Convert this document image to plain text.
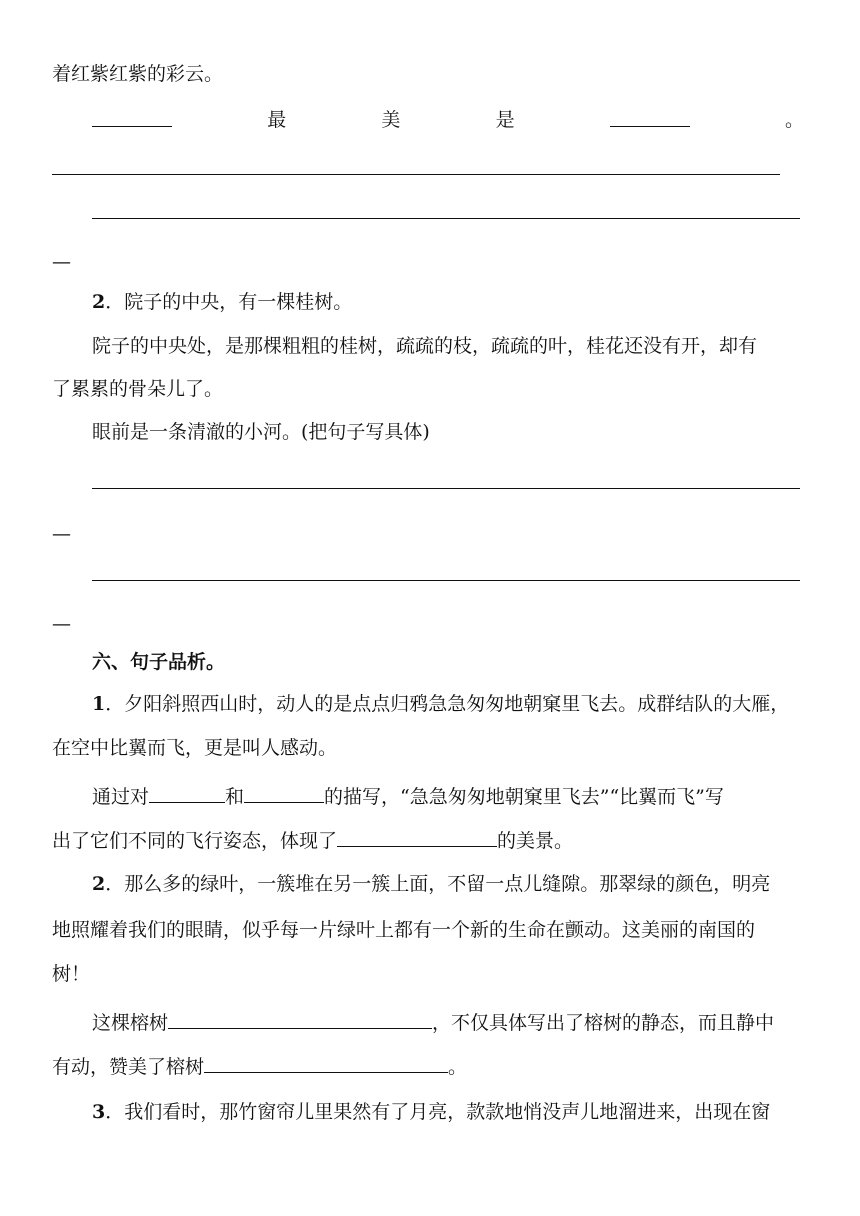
着红紫红紫的彩云。
最	美	是	。
—
2．院子的中央，有一棵桂树。
院子的中央处，是那棵粗粗的桂树，疏疏的枝，疏疏的叶，桂花还没有开，却有
了累累的骨朵儿了。
眼前是一条清澈的小河。(把句子写具体)
—
—
六、句子品析。
1．夕阳斜照西山时，动人的是点点归鸦急急匆匆地朝窠里飞去。成群结队的大雁，
在空中比翼而飞，更是叫人感动。
通过对	和	的描写，“急急匆匆地朝窠里飞去”“比翼而飞”写
出了它们不同的飞行姿态，体现了	的美景。
2．那么多的绿叶，一簇堆在另一簇上面，不留一点儿缝隙。那翠绿的颜色，明亮
地照耀着我们的眼睛，似乎每一片绿叶上都有一个新的生命在颤动。这美丽的南国的
树！
这棵榕树	，不仅具体写出了榕树的静态，而且静中
有动，赞美了榕树	。
3．我们看时，那竹窗帘儿里果然有了月亮，款款地悄没声儿地溜进来，出现在窗
